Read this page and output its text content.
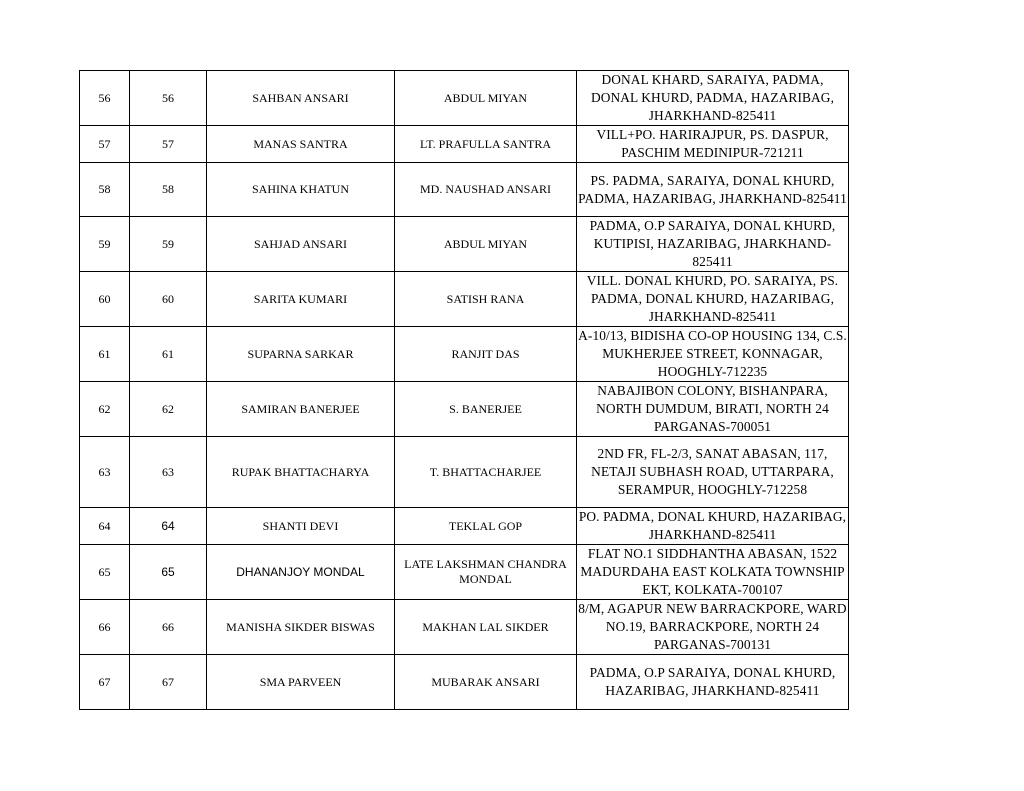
56	56	SAHBAN ANSARI	ABDUL MIYAN	DONAL KHARD, SARAIYA, PADMA, DONAL KHURD, PADMA, HAZARIBAG, JHARKHAND-825411
57	57	MANAS SANTRA	LT. PRAFULLA SANTRA	VILL+PO. HARIRAJPUR, PS. DASPUR, PASCHIM MEDINIPUR-721211
58	58	SAHINA KHATUN	MD. NAUSHAD ANSARI	PS. PADMA, SARAIYA, DONAL KHURD, PADMA, HAZARIBAG, JHARKHAND-825411
59	59	SAHJAD ANSARI	ABDUL MIYAN	PADMA, O.P SARAIYA, DONAL KHURD, KUTIPISI, HAZARIBAG, JHARKHAND-825411
60	60	SARITA KUMARI	SATISH RANA	VILL. DONAL KHURD, PO. SARAIYA, PS. PADMA, DONAL KHURD, HAZARIBAG, JHARKHAND-825411
61	61	SUPARNA SARKAR	RANJIT DAS	A-10/13, BIDISHA CO-OP HOUSING 134, C.S. MUKHERJEE STREET, KONNAGAR, HOOGHLY-712235
62	62	SAMIRAN BANERJEE	S. BANERJEE	NABAJIBON COLONY, BISHANPARA, NORTH DUMDUM, BIRATI, NORTH 24 PARGANAS-700051
63	63	RUPAK BHATTACHARYA	T. BHATTACHARJEE	2ND FR, FL-2/3, SANAT ABASAN, 117, NETAJI SUBHASH ROAD, UTTARPARA, SERAMPUR, HOOGHLY-712258
64	64	SHANTI DEVI	TEKLAL GOP	PO. PADMA, DONAL KHURD, HAZARIBAG, JHARKHAND-825411
65	65	DHANANJOY MONDAL	LATE LAKSHMAN CHANDRA MONDAL	FLAT NO.1 SIDDHANTHA ABASAN, 1522 MADURDAHA EAST KOLKATA TOWNSHIP EKT, KOLKATA-700107
66	66	MANISHA SIKDER BISWAS	MAKHAN LAL SIKDER	8/M, AGAPUR NEW BARRACKPORE, WARD NO.19, BARRACKPORE, NORTH 24 PARGANAS-700131
67	67	SMA PARVEEN	MUBARAK ANSARI	PADMA, O.P SARAIYA, DONAL KHURD, HAZARIBAG, JHARKHAND-825411
